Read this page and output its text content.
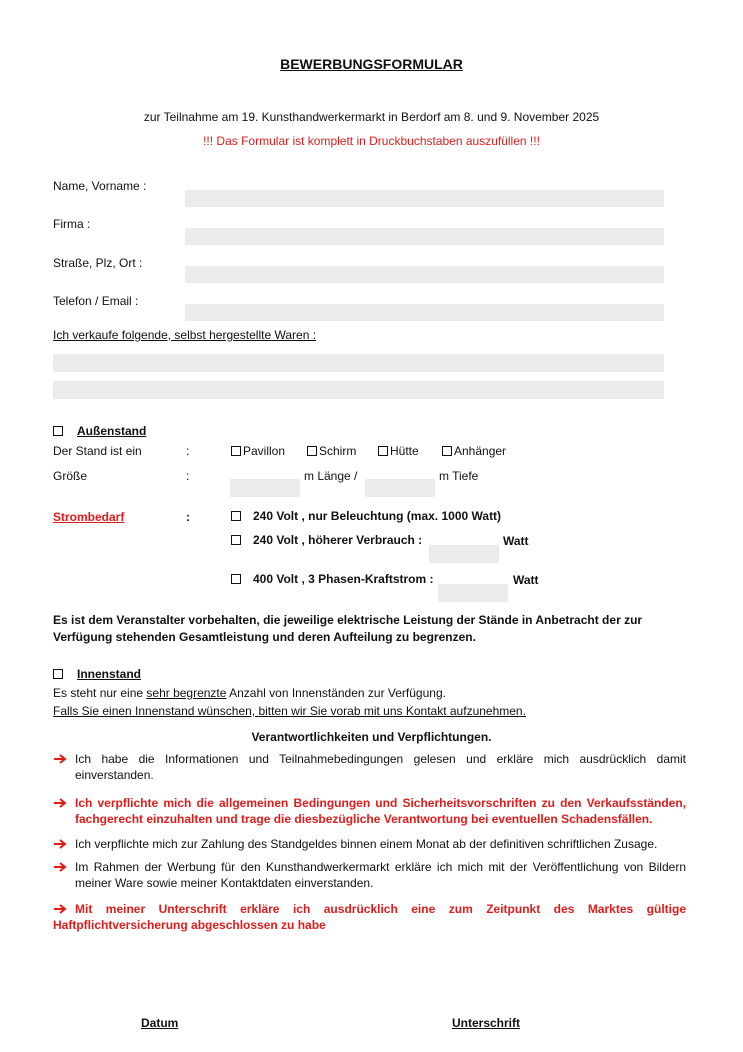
BEWERBUNGSFORMULAR
zur Teilnahme am 19. Kunsthandwerkermarkt in Berdorf am 8. und 9. November 2025
!!! Das Formular ist komplett in Druckbuchstaben auszufüllen !!!
Name, Vorname :
Firma :
Straße, Plz, Ort :
Telefon / Email :
Ich verkaufe folgende, selbst hergestellte Waren :
Außenstand
Der Stand ist ein	:	Pavillon	Schirm	Hütte	Anhänger
Größe	:	m Länge /	m Tiefe
Strombedarf	:	240 Volt , nur Beleuchtung (max. 1000 Watt)
240 Volt , höherer Verbrauch :	Watt
400 Volt , 3 Phasen-Kraftstrom :	Watt
Es ist dem Veranstalter vorbehalten, die jeweilige elektrische Leistung der Stände in Anbetracht der zur Verfügung stehenden Gesamtleistung und deren Aufteilung zu begrenzen.
Innenstand
Es steht nur eine sehr begrenzte Anzahl von Innenständen zur Verfügung.
Falls Sie einen Innenstand wünschen, bitten wir Sie vorab mit uns Kontakt aufzunehmen.
Verantwortlichkeiten und Verpflichtungen.
Ich habe die Informationen und Teilnahmebedingungen gelesen und erkläre mich ausdrücklich damit einverstanden.
Ich verpflichte mich die allgemeinen Bedingungen und Sicherheitsvorschriften zu den Verkaufsständen, fachgerecht einzuhalten und trage die diesbezügliche Verantwortung bei eventuellen Schadensfällen.
Ich verpflichte mich zur Zahlung des Standgeldes binnen einem Monat ab der definitiven schriftlichen Zusage.
Im Rahmen der Werbung für den Kunsthandwerkermarkt erkläre ich mich mit der Veröffentlichung von Bildern meiner Ware sowie meiner Kontaktdaten einverstanden.
Mit meiner Unterschrift erkläre ich ausdrücklich eine zum Zeitpunkt des Marktes gültige Haftpflichtversicherung abgeschlossen zu habe
Datum	Unterschrift
